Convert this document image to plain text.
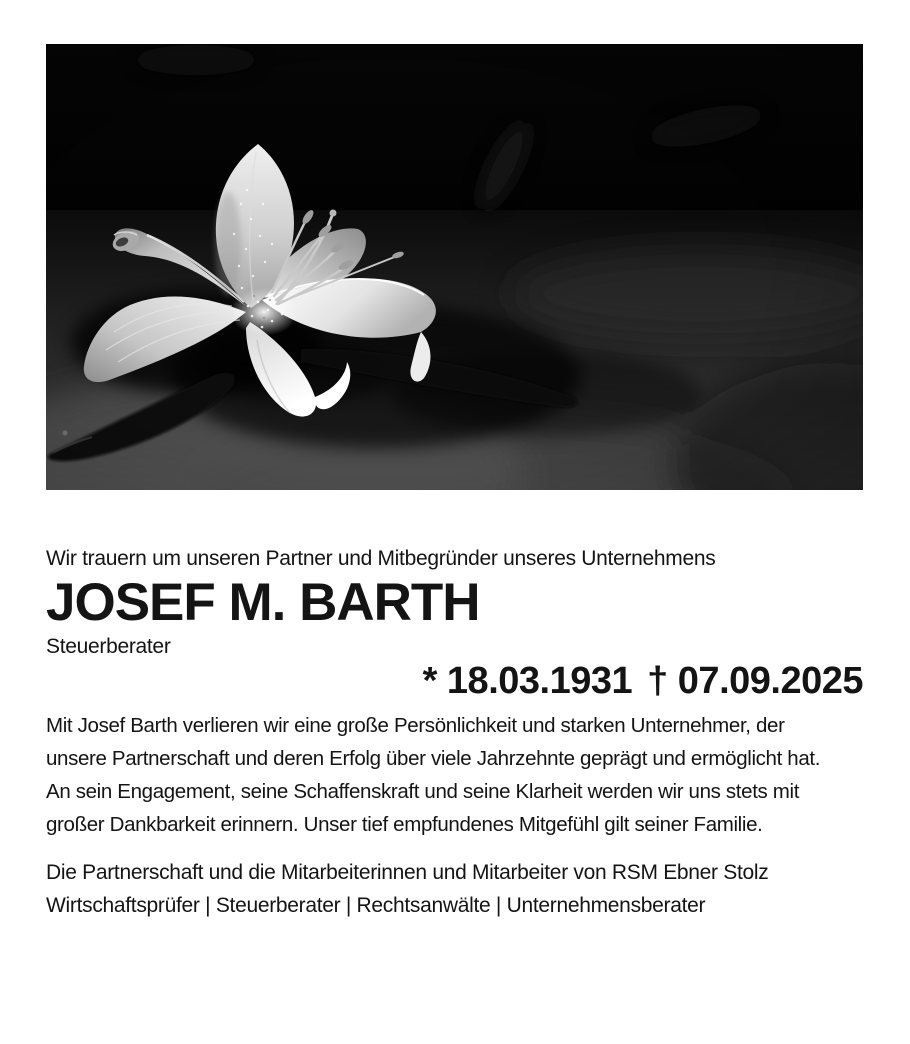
Wir trauern um unseren Partner und Mitbegründer unseres Unternehmens

JOSEF M. BARTH

Steuerberater

* 18.03.1931 † 07.09.2025

Mit Josef Barth verlieren wir eine große Persönlichkeit und starken Unternehmer, der unsere Partnerschaft und deren Erfolg über viele Jahrzehnte geprägt und ermöglicht hat. An sein Engagement, seine Schaffenskraft und seine Klarheit werden wir uns stets mit großer Dankbarkeit erinnern. Unser tief empfundenes Mitgefühl gilt seiner Familie.

Die Partnerschaft und die Mitarbeiterinnen und Mitarbeiter von RSM Ebner Stolz

Wirtschaftsprüfer | Steuerberater | Rechtsanwälte | Unternehmensberater
